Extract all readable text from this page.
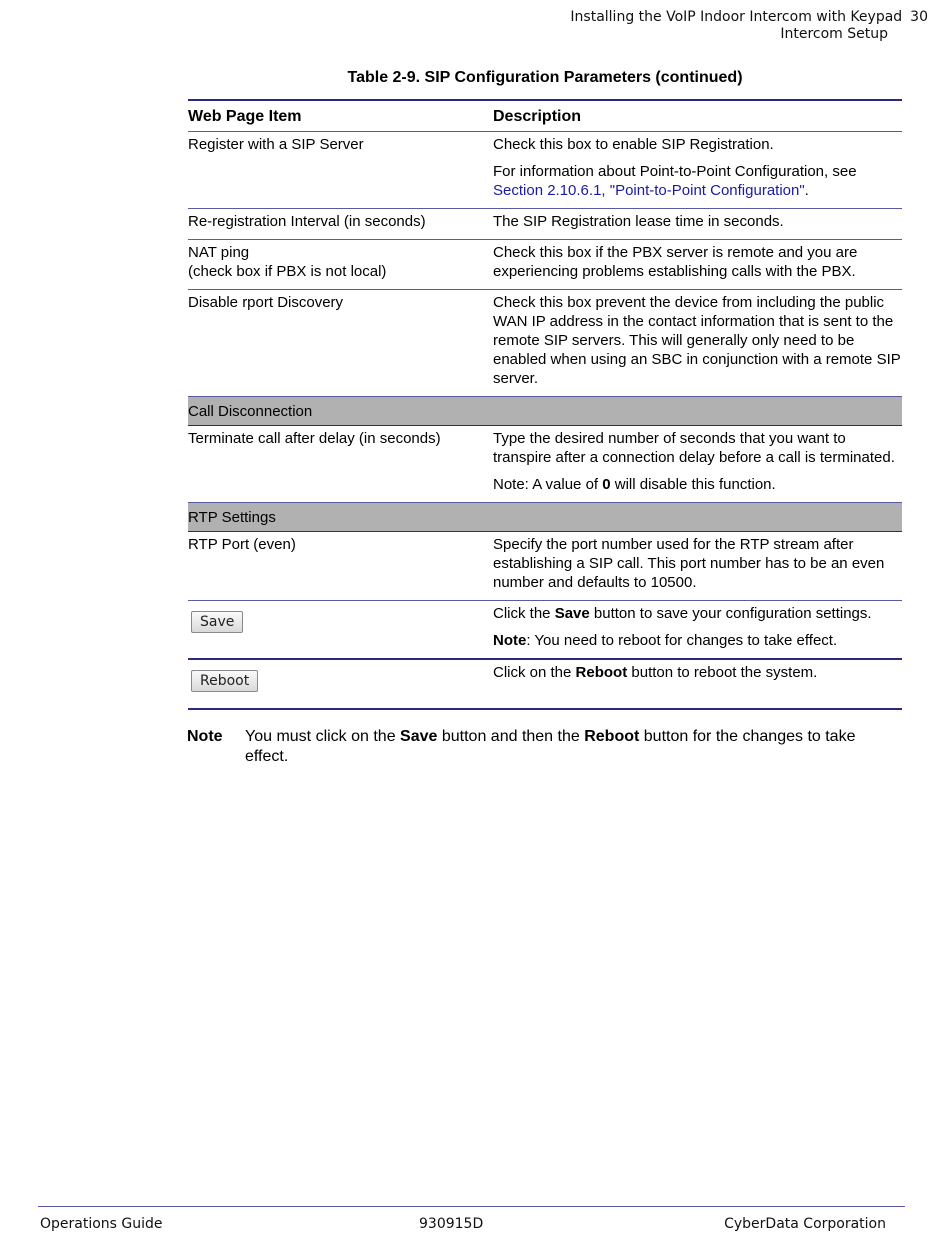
Installing the VoIP Indoor Intercom with Keypad 30
Intercom Setup
Table 2-9. SIP Configuration Parameters (continued)
Web Page Item	Description
Register with a SIP Server	Check this box to enable SIP Registration.
For information about Point-to-Point Configuration, see Section 2.10.6.1, "Point-to-Point Configuration".

Re-registration Interval (in seconds)	The SIP Registration lease time in seconds.

NAT ping
(check box if PBX is not local)	Check this box if the PBX server is remote and you are experiencing problems establishing calls with the PBX.
Disable rport Discovery	Check this box prevent the device from including the public WAN IP address in the contact information that is sent to the remote SIP servers. This will generally only need to be enabled when using an SBC in conjunction with a remote SIP server.
Call Disconnection	
Terminate call after delay (in seconds)	Type the desired number of seconds that you want to transpire after a connection delay before a call is terminated.
Note: A value of 0 will disable this function.

RTP Settings	
RTP Port (even)	Specify the port number used for the RTP stream after establishing a SIP call. This port number has to be an even number and defaults to 10500.
Save	Click the Save button to save your configuration settings.
Note: You need to reboot for changes to take effect.

Reboot	Click on the Reboot button to reboot the system.
Note You must click on the Save button and then the Reboot button for the changes to take effect.
Operations Guide	930915D	CyberData Corporation
